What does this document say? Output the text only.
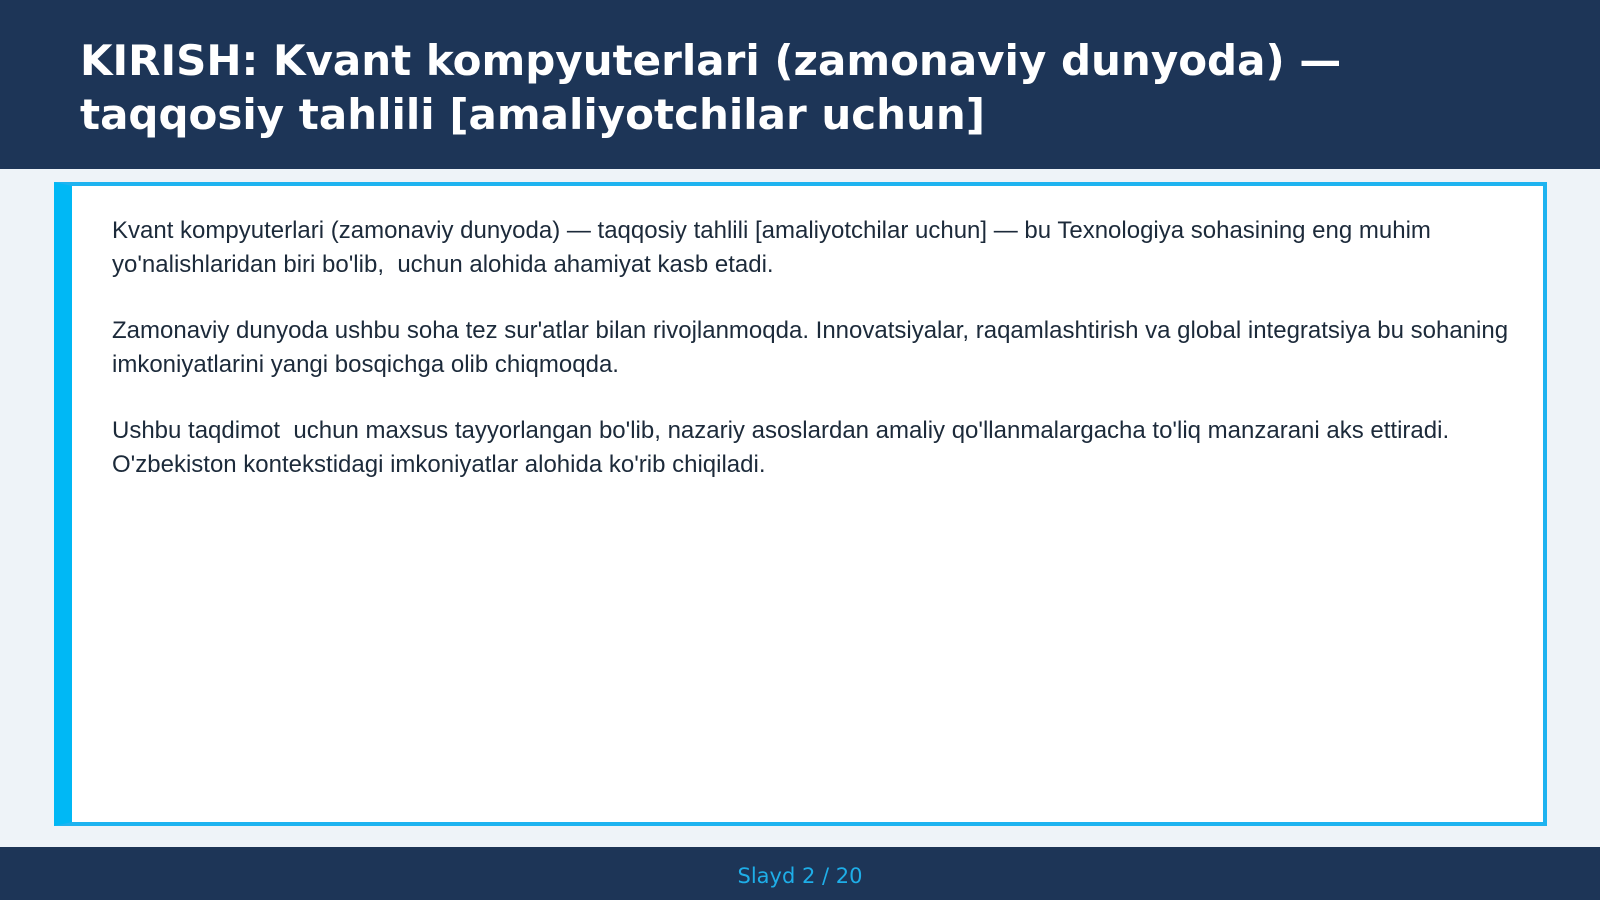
KIRISH: Kvant kompyuterlari (zamonaviy dunyoda) — taqqosiy tahlili [amaliyotchilar uchun]

Kvant kompyuterlari (zamonaviy dunyoda) — taqqosiy tahlili [amaliyotchilar uchun] — bu Texnologiya sohasining eng muhim yo'nalishlaridan biri bo'lib,  uchun alohida ahamiyat kasb etadi.

Zamonaviy dunyoda ushbu soha tez sur'atlar bilan rivojlanmoqda. Innovatsiyalar, raqamlashtirish va global integratsiya bu sohaning imkoniyatlarini yangi bosqichga olib chiqmoqda.

Ushbu taqdimot  uchun maxsus tayyorlangan bo'lib, nazariy asoslardan amaliy qo'llanmalargacha to'liq manzarani aks ettiradi. O'zbekiston kontekstidagi imkoniyatlar alohida ko'rib chiqiladi.

Slayd 2 / 20
